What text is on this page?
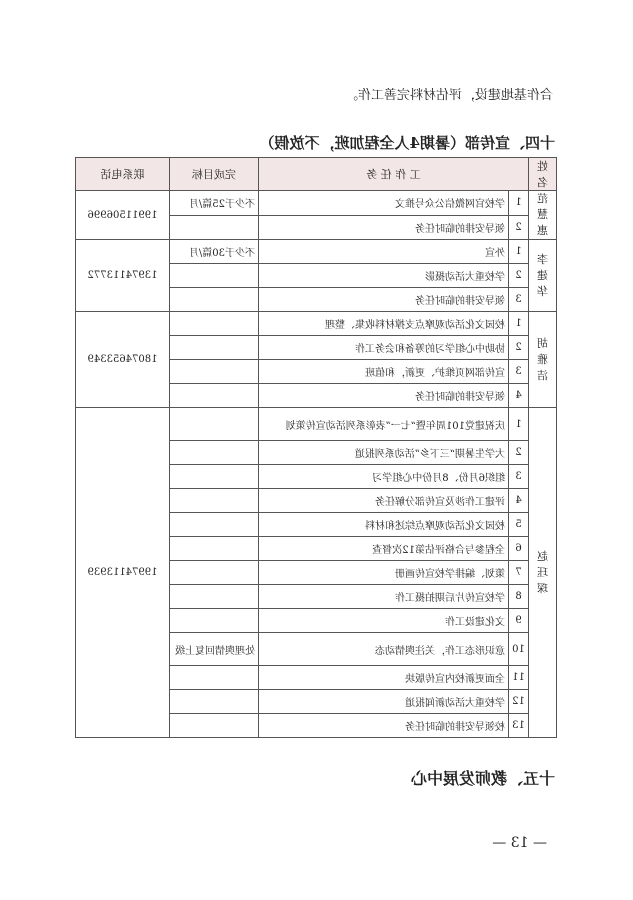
合作基地建设，评估材料完善工作。
十四、宣传部（暑期4人全程加班，不放假）
姓名	工 作 任 务		完成目标	联系电话
范慧惠	1	学校官网微信公众号推文	不少于25篇/月	19911506996
	2	领导安排的临时任务		
李建华	1	外宣	不少于30篇/月	13974113772
	2	学校重大活动摄影		
	3	领导安排的临时任务		
胡雅洁	1	校园文化活动观摩点支撑材料收集、整理		18074653349
	2	协助中心组学习的筹备和会务工作		
	3	宣传部网页维护、更新，和值班		
	4	领导安排的临时任务		
赵珏琛	1	庆祝建党101周年暨“七一”表彰系列活动宣传策划		19974113939
	2	大学生暑期“三下乡”活动系列报道		
	3	组织6月份、8月份中心组学习		
	4	评建工作涉及宣传部分解任务		
	5	校园文化活动观摩点综述和材料		
	6	全程参与合格评估第12次督查		
	7	策划、编排学校宣传画册		
	8	学校宣传片后期拍摄工作		
	9	文化建设工作		
	10	意识形态工作，关注舆情动态	处理舆情回复上级	
	11	全面更新校内宣传版块		
	12	学校重大活动新闻报道		
	13	校领导安排的临时任务		
十五、教师发展中心
— 13 —
